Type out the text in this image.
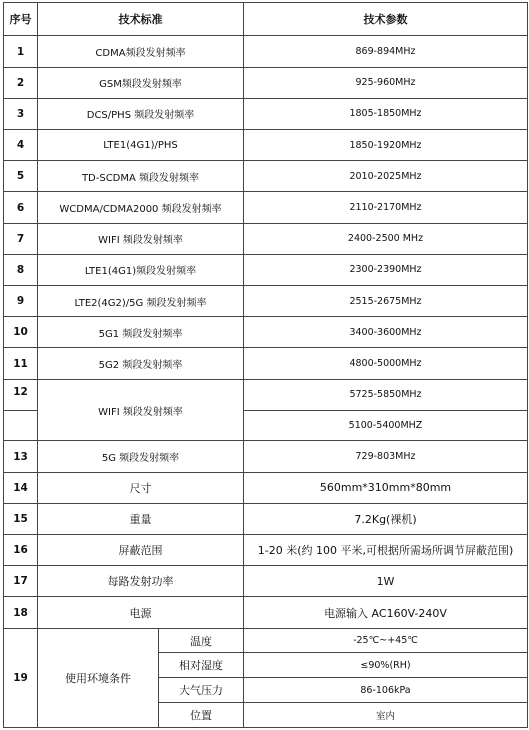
序号	技术标准		技术参数
1	CDMA频段发射频率		869-894MHz
2	GSM频段发射频率		925-960MHz
3	DCS/PHS 频段发射频率		1805-1850MHz
4	LTE1(4G1)/PHS		1850-1920MHz
5	TD-SCDMA 频段发射频率		2010-2025MHz
6	WCDMA/CDMA2000 频段发射频率		2110-2170MHz
7	WIFI 频段发射频率		2400-2500 MHz
8	LTE1(4G1)频段发射频率		2300-2390MHz
9	LTE2(4G2)/5G 频段发射频率		2515-2675MHz
10	5G1 频段发射频率		3400-3600MHz
11	5G2 频段发射频率		4800-5000MHz
12	WIFI 频段发射频率		5725-5850MHz
			5100-5400MHZ
13	5G 频段发射频率		729-803MHz
14	尺寸		560mm*310mm*80mm
15	重量		7.2Kg(裸机)
16	屏蔽范围		1-20 米(约 100 平米,可根据所需场所调节屏蔽范围)
17	每路发射功率		1W
18	电源		电源输入 AC160V-240V
19	使用环境条件	温度	-25℃~+45℃
		相对湿度	≤90%(RH)
		大气压力	86-106kPa
		位置	室内
